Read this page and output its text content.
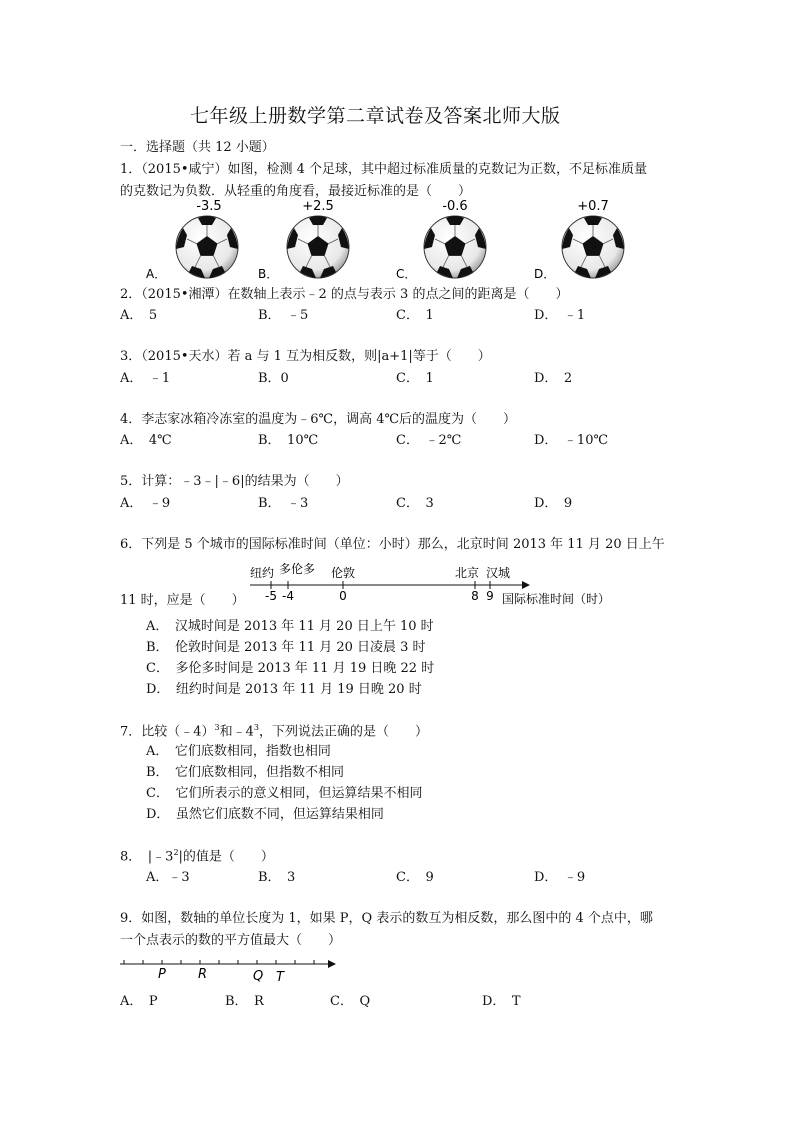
七年级上册数学第二章试卷及答案北师大版
一．选择题（共 12 小题）
1．（2015•咸宁）如图，检测 4 个足球，其中超过标准质量的克数记为正数，不足标准质量
的克数记为负数．从轻重的角度看，最接近标准的是（　　）
-3.5
A．
+2.5
B．
-0.6
C．
+0.7
D．
2．（2015•湘潭）在数轴上表示﹣2 的点与表示 3 的点之间的距离是（　　）
A．　5	B．　﹣5	C．　1	D．　﹣1
3．（2015•天水）若 a 与 1 互为相反数，则|a+1|等于（　　）
A．　﹣1	B．0	C．　1	D．　2
4．李志家冰箱冷冻室的温度为﹣6℃，调高 4℃后的温度为（　　）
A．　4℃	B．　10℃	C．　﹣2℃	D．　﹣10℃
5．计算：﹣3﹣|﹣6|的结果为（　　）
A．　﹣9	B．　﹣3	C．　3	D．　9
6．下列是 5 个城市的国际标准时间（单位：小时）那么，北京时间 2013 年 11 月 20 日上午
纽约 多伦多 伦敦	北京 汉城
-5 -4	0	8 9 国际标准时间（时）
11 时，应是（　　）
A．　汉城时间是 2013 年 11 月 20 日上午 10 时
B．　伦敦时间是 2013 年 11 月 20 日凌晨 3 时
C．　多伦多时间是 2013 年 11 月 19 日晚 22 时
D．　纽约时间是 2013 年 11 月 19 日晚 20 时
7．比较（﹣4）$^3$和$﹣4^3$，下列说法正确的是（　　）
A．　它们底数相同，指数也相同
B．　它们底数相同，但指数不相同
C．　它们所表示的意义相同，但运算结果不相同
D．　虽然它们底数不同，但运算结果相同
8．　$|﹣3^2|$的值是（　　）
A．﹣3	B．　3	C．　9	D．　﹣9
9．如图，数轴的单位长度为 1，如果 P，Q 表示的数互为相反数，那么图中的 4 个点中，哪
一个点表示的数的平方值最大（　　）
P R	Q T
A．　P	B．　R	C．　Q	D．　T
